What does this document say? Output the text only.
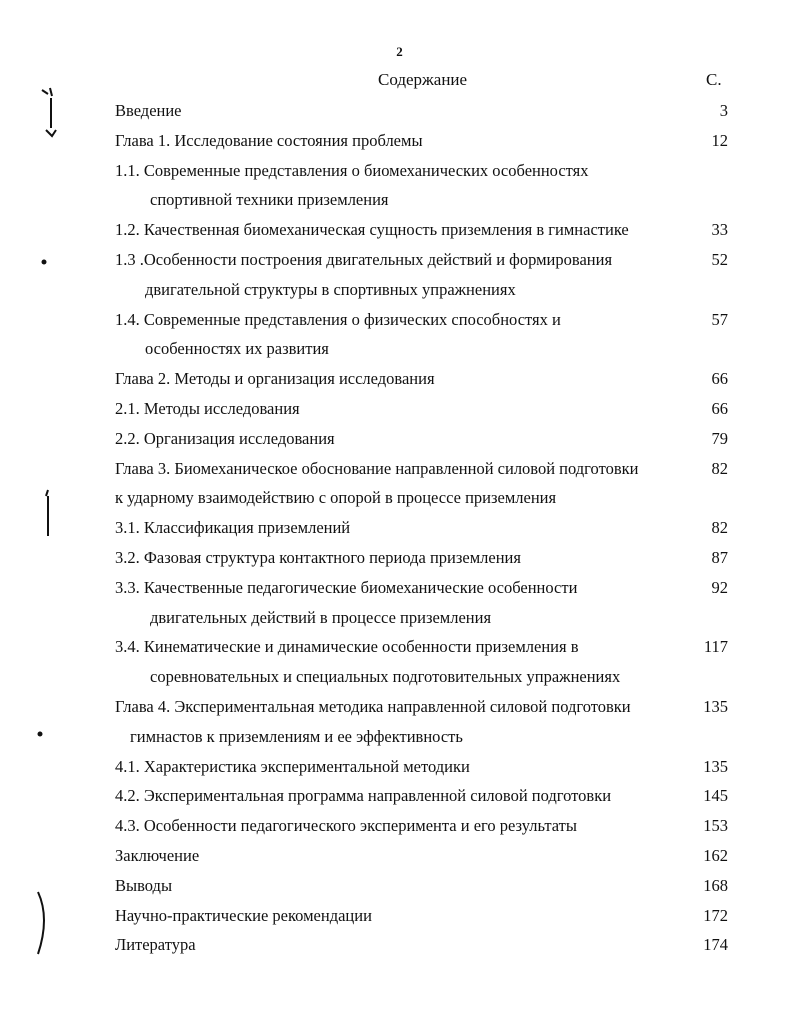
2
Содержание	С.
Введение	3
Глава 1. Исследование состояния проблемы	12
1.1. Современные представления о биомеханических особенностях
спортивной техники приземления
1.2. Качественная биомеханическая сущность приземления в гимнастике	33
1.3 .Особенности построения двигательных действий и формирования	52
двигательной структуры в спортивных упражнениях
1.4. Современные представления о физических способностях и	57
особенностях их развития
Глава 2. Методы и организация исследования	66
2.1. Методы исследования	66
2.2. Организация исследования	79
Глава 3. Биомеханическое обоснование направленной силовой подготовки	82
к ударному взаимодействию с опорой в процессе приземления
3.1. Классификация приземлений	82
3.2. Фазовая структура контактного периода приземления	87
3.3. Качественные педагогические биомеханические особенности	92
двигательных действий в процессе приземления
3.4. Кинематические и динамические особенности приземления в	117
соревновательных и специальных подготовительных упражнениях
Глава 4. Экспериментальная методика направленной силовой подготовки	135
гимнастов к приземлениям и ее эффективность
4.1. Характеристика экспериментальной методики	135
4.2. Экспериментальная программа направленной силовой подготовки	145
4.3. Особенности педагогического эксперимента и его результаты	153
Заключение	162
Выводы	168
Научно-практические рекомендации	172
Литература	174
